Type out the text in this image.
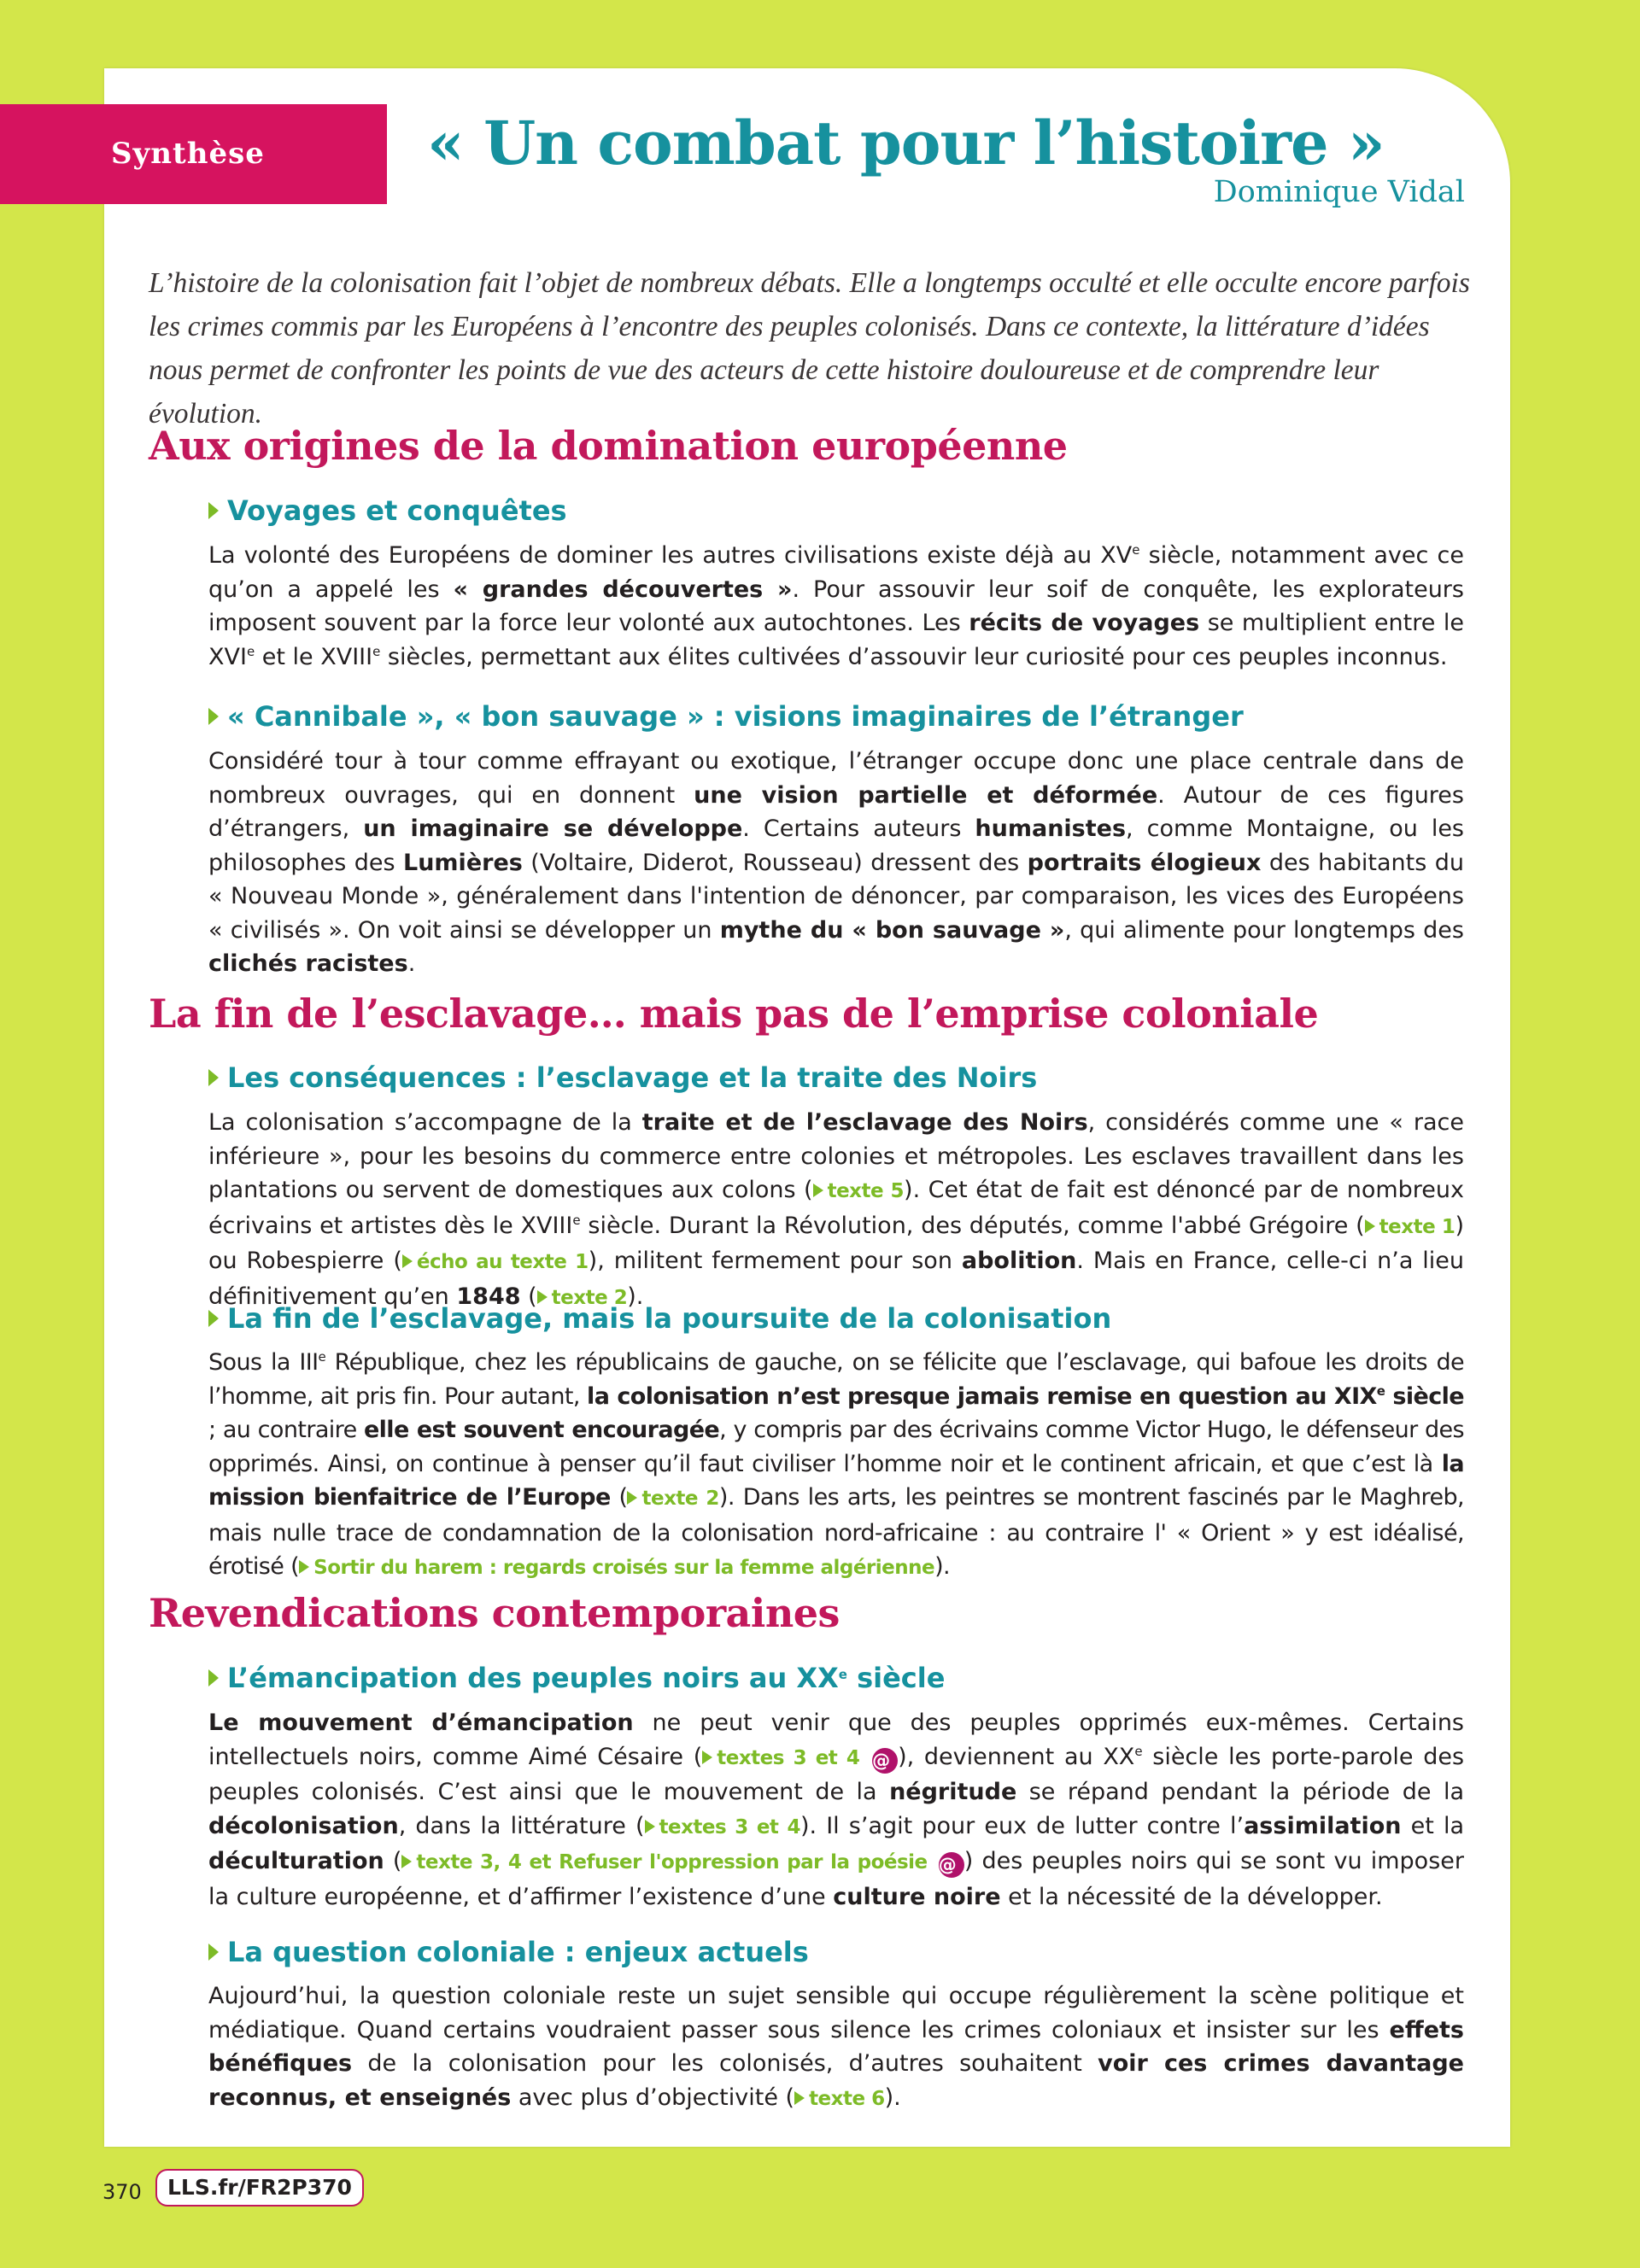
Synthèse	« Un combat pour l’histoire »
Dominique Vidal

L’histoire de la colonisation fait l’objet de nombreux débats. Elle a longtemps occulté et elle occulte encore parfois les crimes commis par les Européens à l’encontre des peuples colonisés. Dans ce contexte, la littérature d’idées nous permet de confronter les points de vue des acteurs de cette histoire douloureuse et de comprendre leur évolution.

Aux origines de la domination européenne
Voyages et conquêtes

La volonté des Européens de dominer les autres civilisations existe déjà au XVe siècle, notamment avec ce qu’on a appelé les « grandes découvertes ». Pour assouvir leur soif de conquête, les explorateurs imposent souvent par la force leur volonté aux autochtones. Les récits de voyages se multiplient entre le XVIe et le XVIIIe siècles, permettant aux élites cultivées d’assouvir leur curiosité pour ces peuples inconnus.

« Cannibale », « bon sauvage » : visions imaginaires de l’étranger

Considéré tour à tour comme effrayant ou exotique, l’étranger occupe donc une place centrale dans de nombreux ouvrages, qui en donnent une vision partielle et déformée. Autour de ces figures d’étrangers, un imaginaire se développe. Certains auteurs humanistes, comme Montaigne, ou les philosophes des Lumières (Voltaire, Diderot, Rousseau) dressent des portraits élogieux des habitants du « Nouveau Monde », généralement dans l'intention de dénoncer, par comparaison, les vices des Européens « civilisés ». On voit ainsi se développer un mythe du « bon sauvage », qui alimente pour longtemps des clichés racistes.

La fin de l’esclavage… mais pas de l’emprise coloniale
Les conséquences : l’esclavage et la traite des Noirs

La colonisation s’accompagne de la traite et de l’esclavage des Noirs, considérés comme une « race inférieure », pour les besoins du commerce entre colonies et métropoles. Les esclaves travaillent dans les plantations ou servent de domestiques aux colons ( texte 5). Cet état de fait est dénoncé par de nombreux écrivains et artistes dès le XVIIIe siècle. Durant la Révolution, des députés, comme l'abbé Grégoire ( texte 1) ou Robespierre ( écho au texte 1), militent fermement pour son abolition. Mais en France, celle-ci n’a lieu définitivement qu’en 1848 ( texte 2).

La fin de l’esclavage, mais la poursuite de la colonisation

Sous la IIIe République, chez les républicains de gauche, on se félicite que l’esclavage, qui bafoue les droits de l’homme, ait pris fin. Pour autant, la colonisation n’est presque jamais remise en question au XIXe siècle ; au contraire elle est souvent encouragée, y compris par des écrivains comme Victor Hugo, le défenseur des opprimés. Ainsi, on continue à penser qu’il faut civiliser l’homme noir et le continent africain, et que c’est là la mission bienfaitrice de l’Europe ( texte 2). Dans les arts, les peintres se montrent fascinés par le Maghreb, mais nulle trace de condamnation de la colonisation nord-africaine : au contraire l' « Orient » y est idéalisé, érotisé ( Sortir du harem : regards croisés sur la femme algérienne).

Revendications contemporaines
L’émancipation des peuples noirs au XXe siècle

Le mouvement d’émancipation ne peut venir que des peuples opprimés eux-mêmes. Certains intellectuels noirs, comme Aimé Césaire ( textes 3 et 4 @ ), deviennent au XXe siècle les porte-parole des peuples colonisés. C’est ainsi que le mouvement de la négritude se répand pendant la période de la décolonisation, dans la littérature ( textes 3 et 4). Il s’agit pour eux de lutter contre l’assimilation et la déculturation ( texte 3, 4 et Refuser l'oppression par la poésie @ ) des peuples noirs qui se sont vu imposer la culture européenne, et d’affirmer l’existence d’une culture noire et la nécessité de la développer.

La question coloniale : enjeux actuels

Aujourd’hui, la question coloniale reste un sujet sensible qui occupe régulièrement la scène politique et médiatique. Quand certains voudraient passer sous silence les crimes coloniaux et insister sur les effets bénéfiques de la colonisation pour les colonisés, d’autres souhaitent voir ces crimes davantage reconnus, et enseignés avec plus d’objectivité ( texte 6).

370	LLS.fr/FR2P370
